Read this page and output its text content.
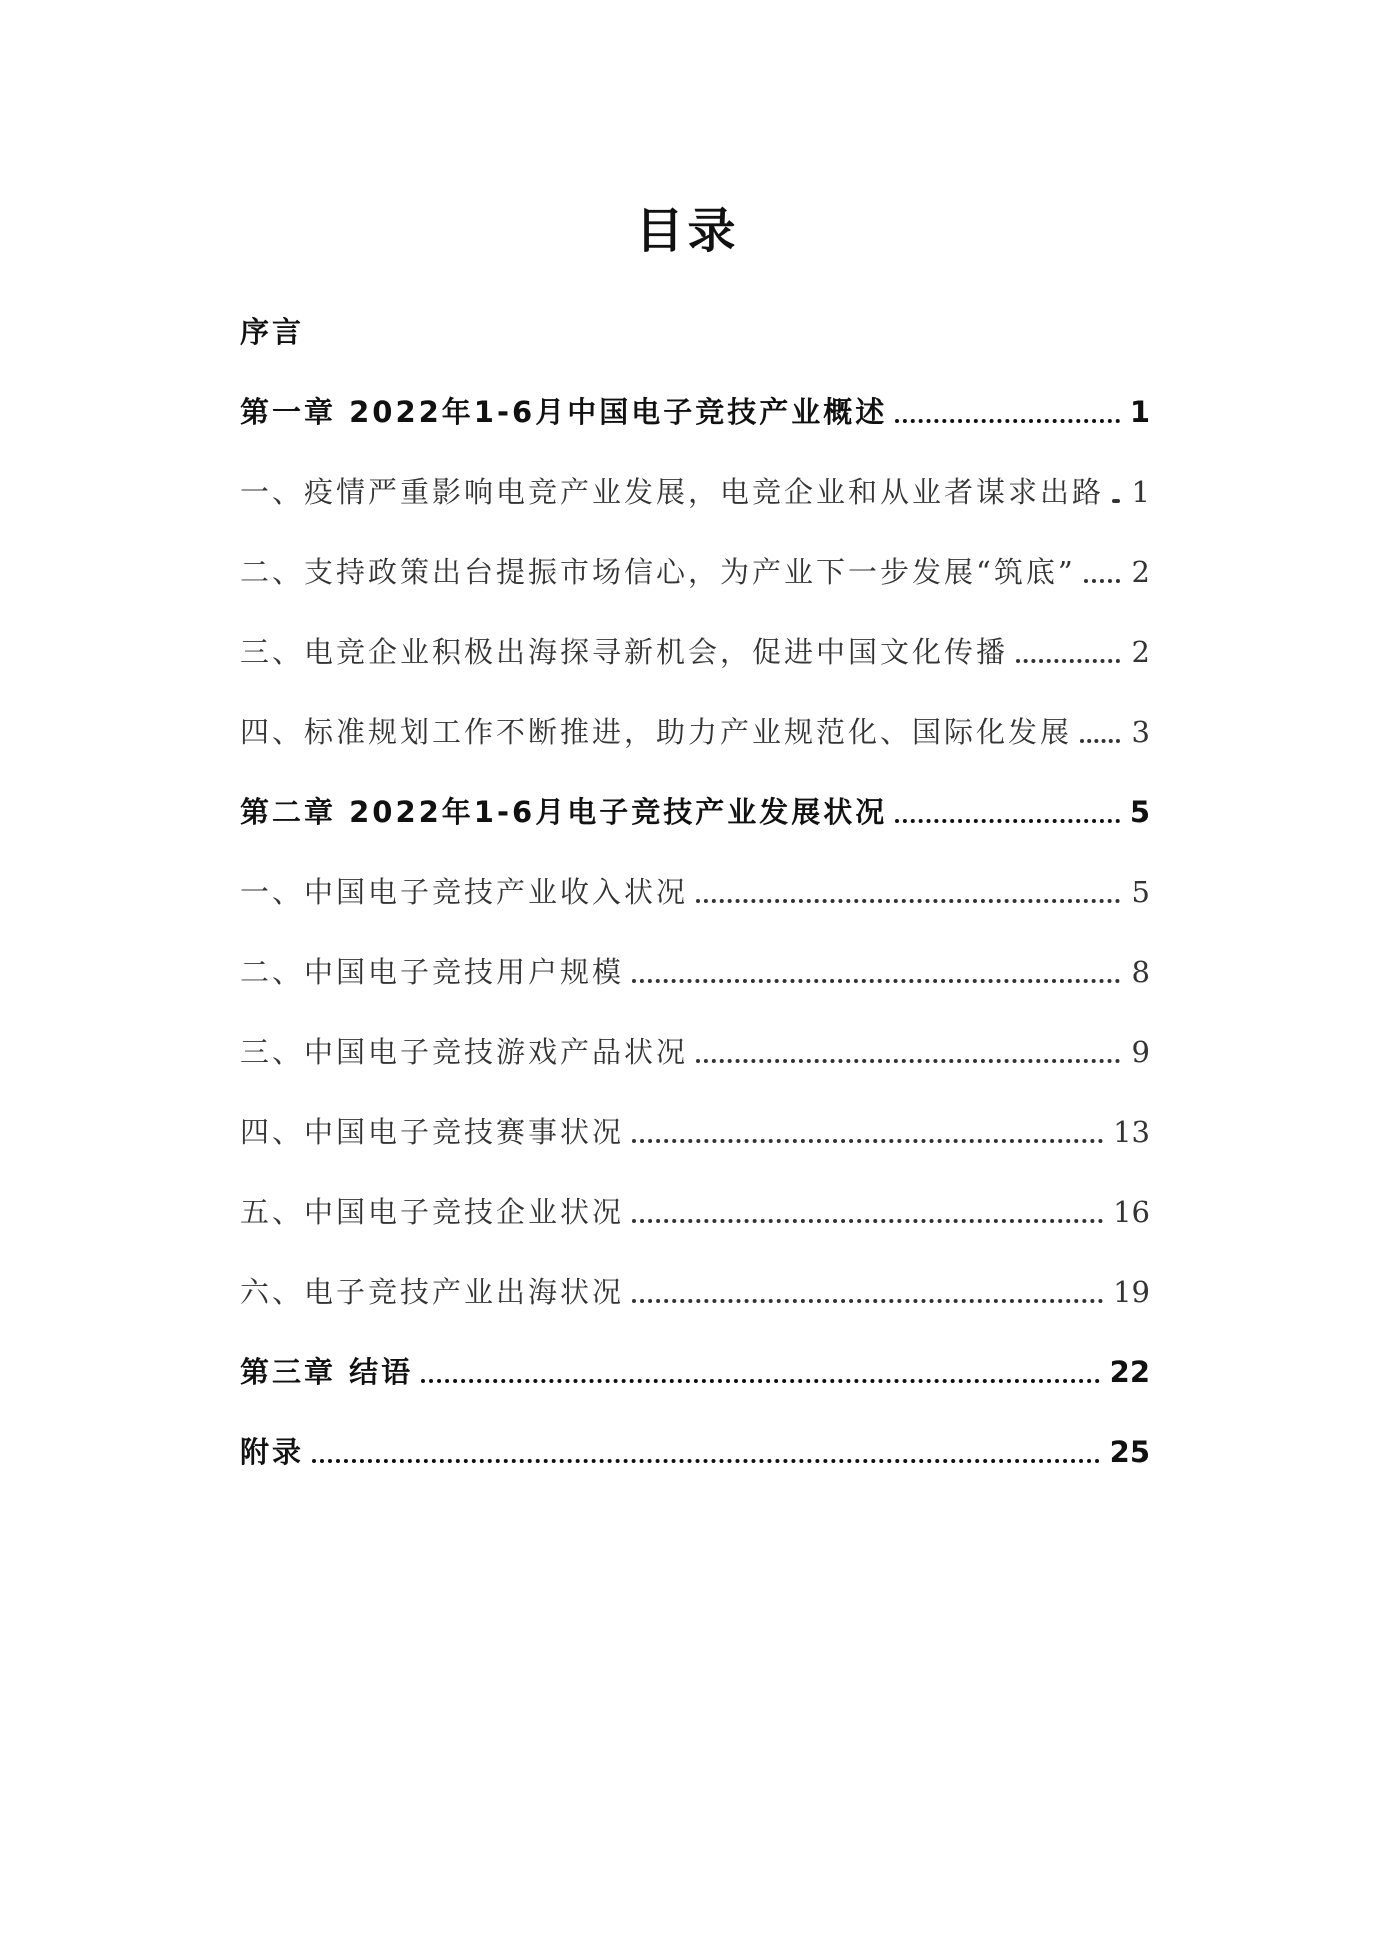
目录
序言
第一章 2022年1-6月中国电子竞技产业概述	1
一、疫情严重影响电竞产业发展，电竞企业和从业者谋求出路 1
二、支持政策出台提振市场信心，为产业下一步发展“筑底” 2
三、电竞企业积极出海探寻新机会，促进中国文化传播	2
四、标准规划工作不断推进，助力产业规范化、国际化发展 3
第二章 2022年1-6月电子竞技产业发展状况	5
一、中国电子竞技产业收入状况	5
二、中国电子竞技用户规模	8
三、中国电子竞技游戏产品状况	9
四、中国电子竞技赛事状况	13
五、中国电子竞技企业状况	16
六、电子竞技产业出海状况	19
第三章 结语	22
附录	25
